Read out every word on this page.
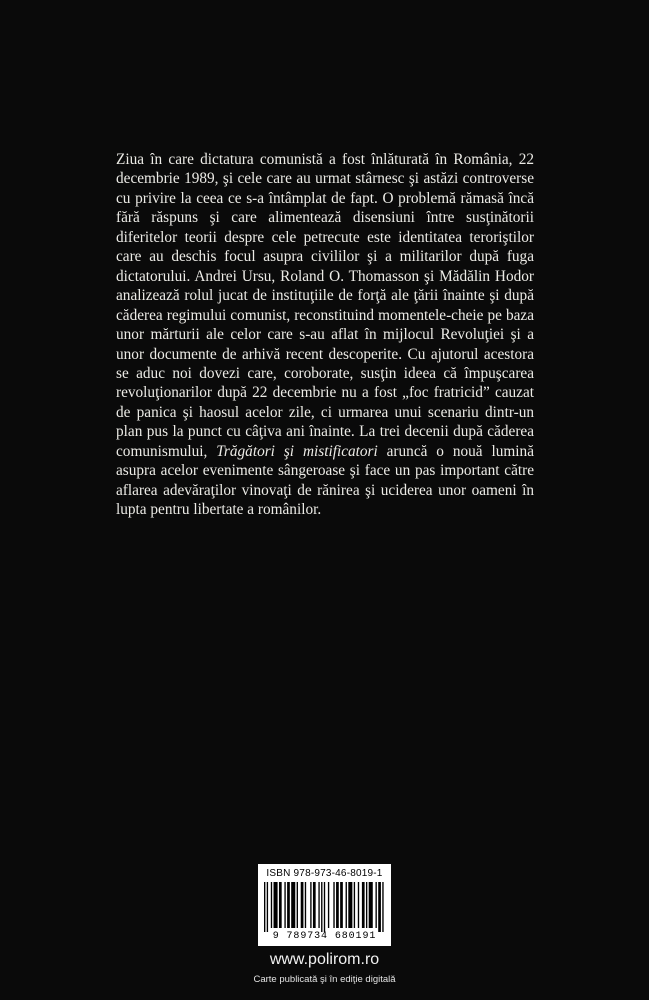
Ziua în care dictatura comunistă a fost înlăturată în România, 22 decembrie 1989, şi cele care au urmat stârnesc şi astăzi controverse cu privire la ceea ce s-a întâmplat de fapt. O problemă rămasă încă fără răspuns şi care alimentează disensiuni între susţinătorii diferitelor teorii despre cele petrecute este identitatea teroriştilor care au deschis focul asupra civililor şi a militarilor după fuga dictatorului. Andrei Ursu, Roland O. Thomasson şi Mădălin Hodor analizează rolul jucat de instituţiile de forţă ale ţării înainte şi după căderea regimului comunist, reconstituind momentele-cheie pe baza unor mărturii ale celor care s-au aflat în mijlocul Revoluţiei şi a unor documente de arhivă recent descoperite. Cu ajutorul acestora se aduc noi dovezi care, coroborate, susţin ideea că împuşcarea revoluţionarilor după 22 decembrie nu a fost „foc fratricid” cauzat de panica şi haosul acelor zile, ci urmarea unui scenariu dintr-un plan pus la punct cu câţiva ani înainte. La trei decenii după căderea comunismului, Trăgători şi mistificatori aruncă o nouă lumină asupra acelor evenimente sângeroase şi face un pas important către aflarea adevăraţilor vinovaţi de rănirea şi uciderea unor oameni în lupta pentru libertate a românilor.

ISBN 978-973-46-8019-1
9 789734 680191
www.polirom.ro
Carte publicată şi în ediţie digitală
